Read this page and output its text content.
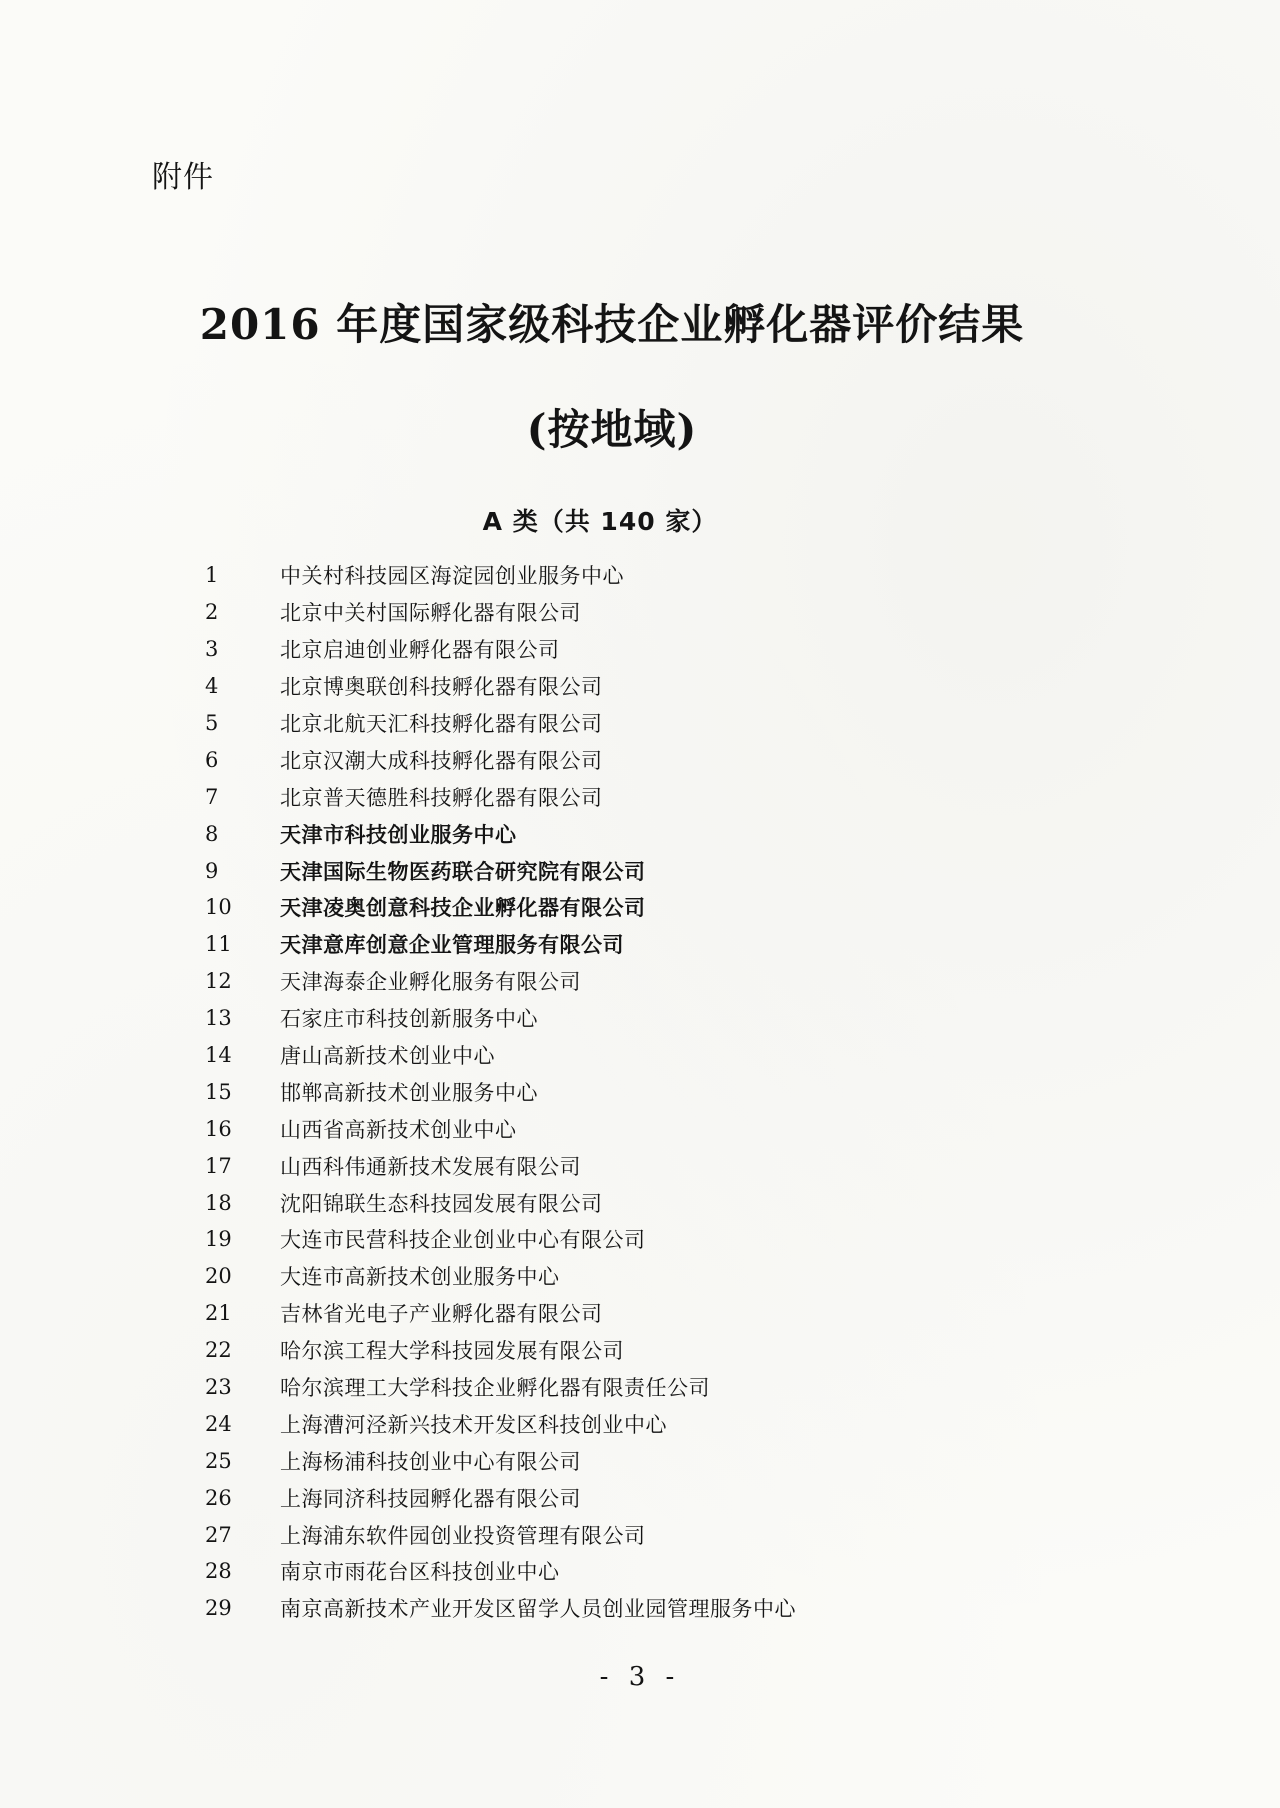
附件
2016 年度国家级科技企业孵化器评价结果
(按地域)
A 类（共 140 家）
1	中关村科技园区海淀园创业服务中心
2	北京中关村国际孵化器有限公司
3	北京启迪创业孵化器有限公司
4	北京博奥联创科技孵化器有限公司
5	北京北航天汇科技孵化器有限公司
6	北京汉潮大成科技孵化器有限公司
7	北京普天德胜科技孵化器有限公司
8	天津市科技创业服务中心
9	天津国际生物医药联合研究院有限公司
10	天津凌奥创意科技企业孵化器有限公司
11	天津意库创意企业管理服务有限公司
12	天津海泰企业孵化服务有限公司
13	石家庄市科技创新服务中心
14	唐山高新技术创业中心
15	邯郸高新技术创业服务中心
16	山西省高新技术创业中心
17	山西科伟通新技术发展有限公司
18	沈阳锦联生态科技园发展有限公司
19	大连市民营科技企业创业中心有限公司
20	大连市高新技术创业服务中心
21	吉林省光电子产业孵化器有限公司
22	哈尔滨工程大学科技园发展有限公司
23	哈尔滨理工大学科技企业孵化器有限责任公司
24	上海漕河泾新兴技术开发区科技创业中心
25	上海杨浦科技创业中心有限公司
26	上海同济科技园孵化器有限公司
27	上海浦东软件园创业投资管理有限公司
28	南京市雨花台区科技创业中心
29	南京高新技术产业开发区留学人员创业园管理服务中心
- 3 -
